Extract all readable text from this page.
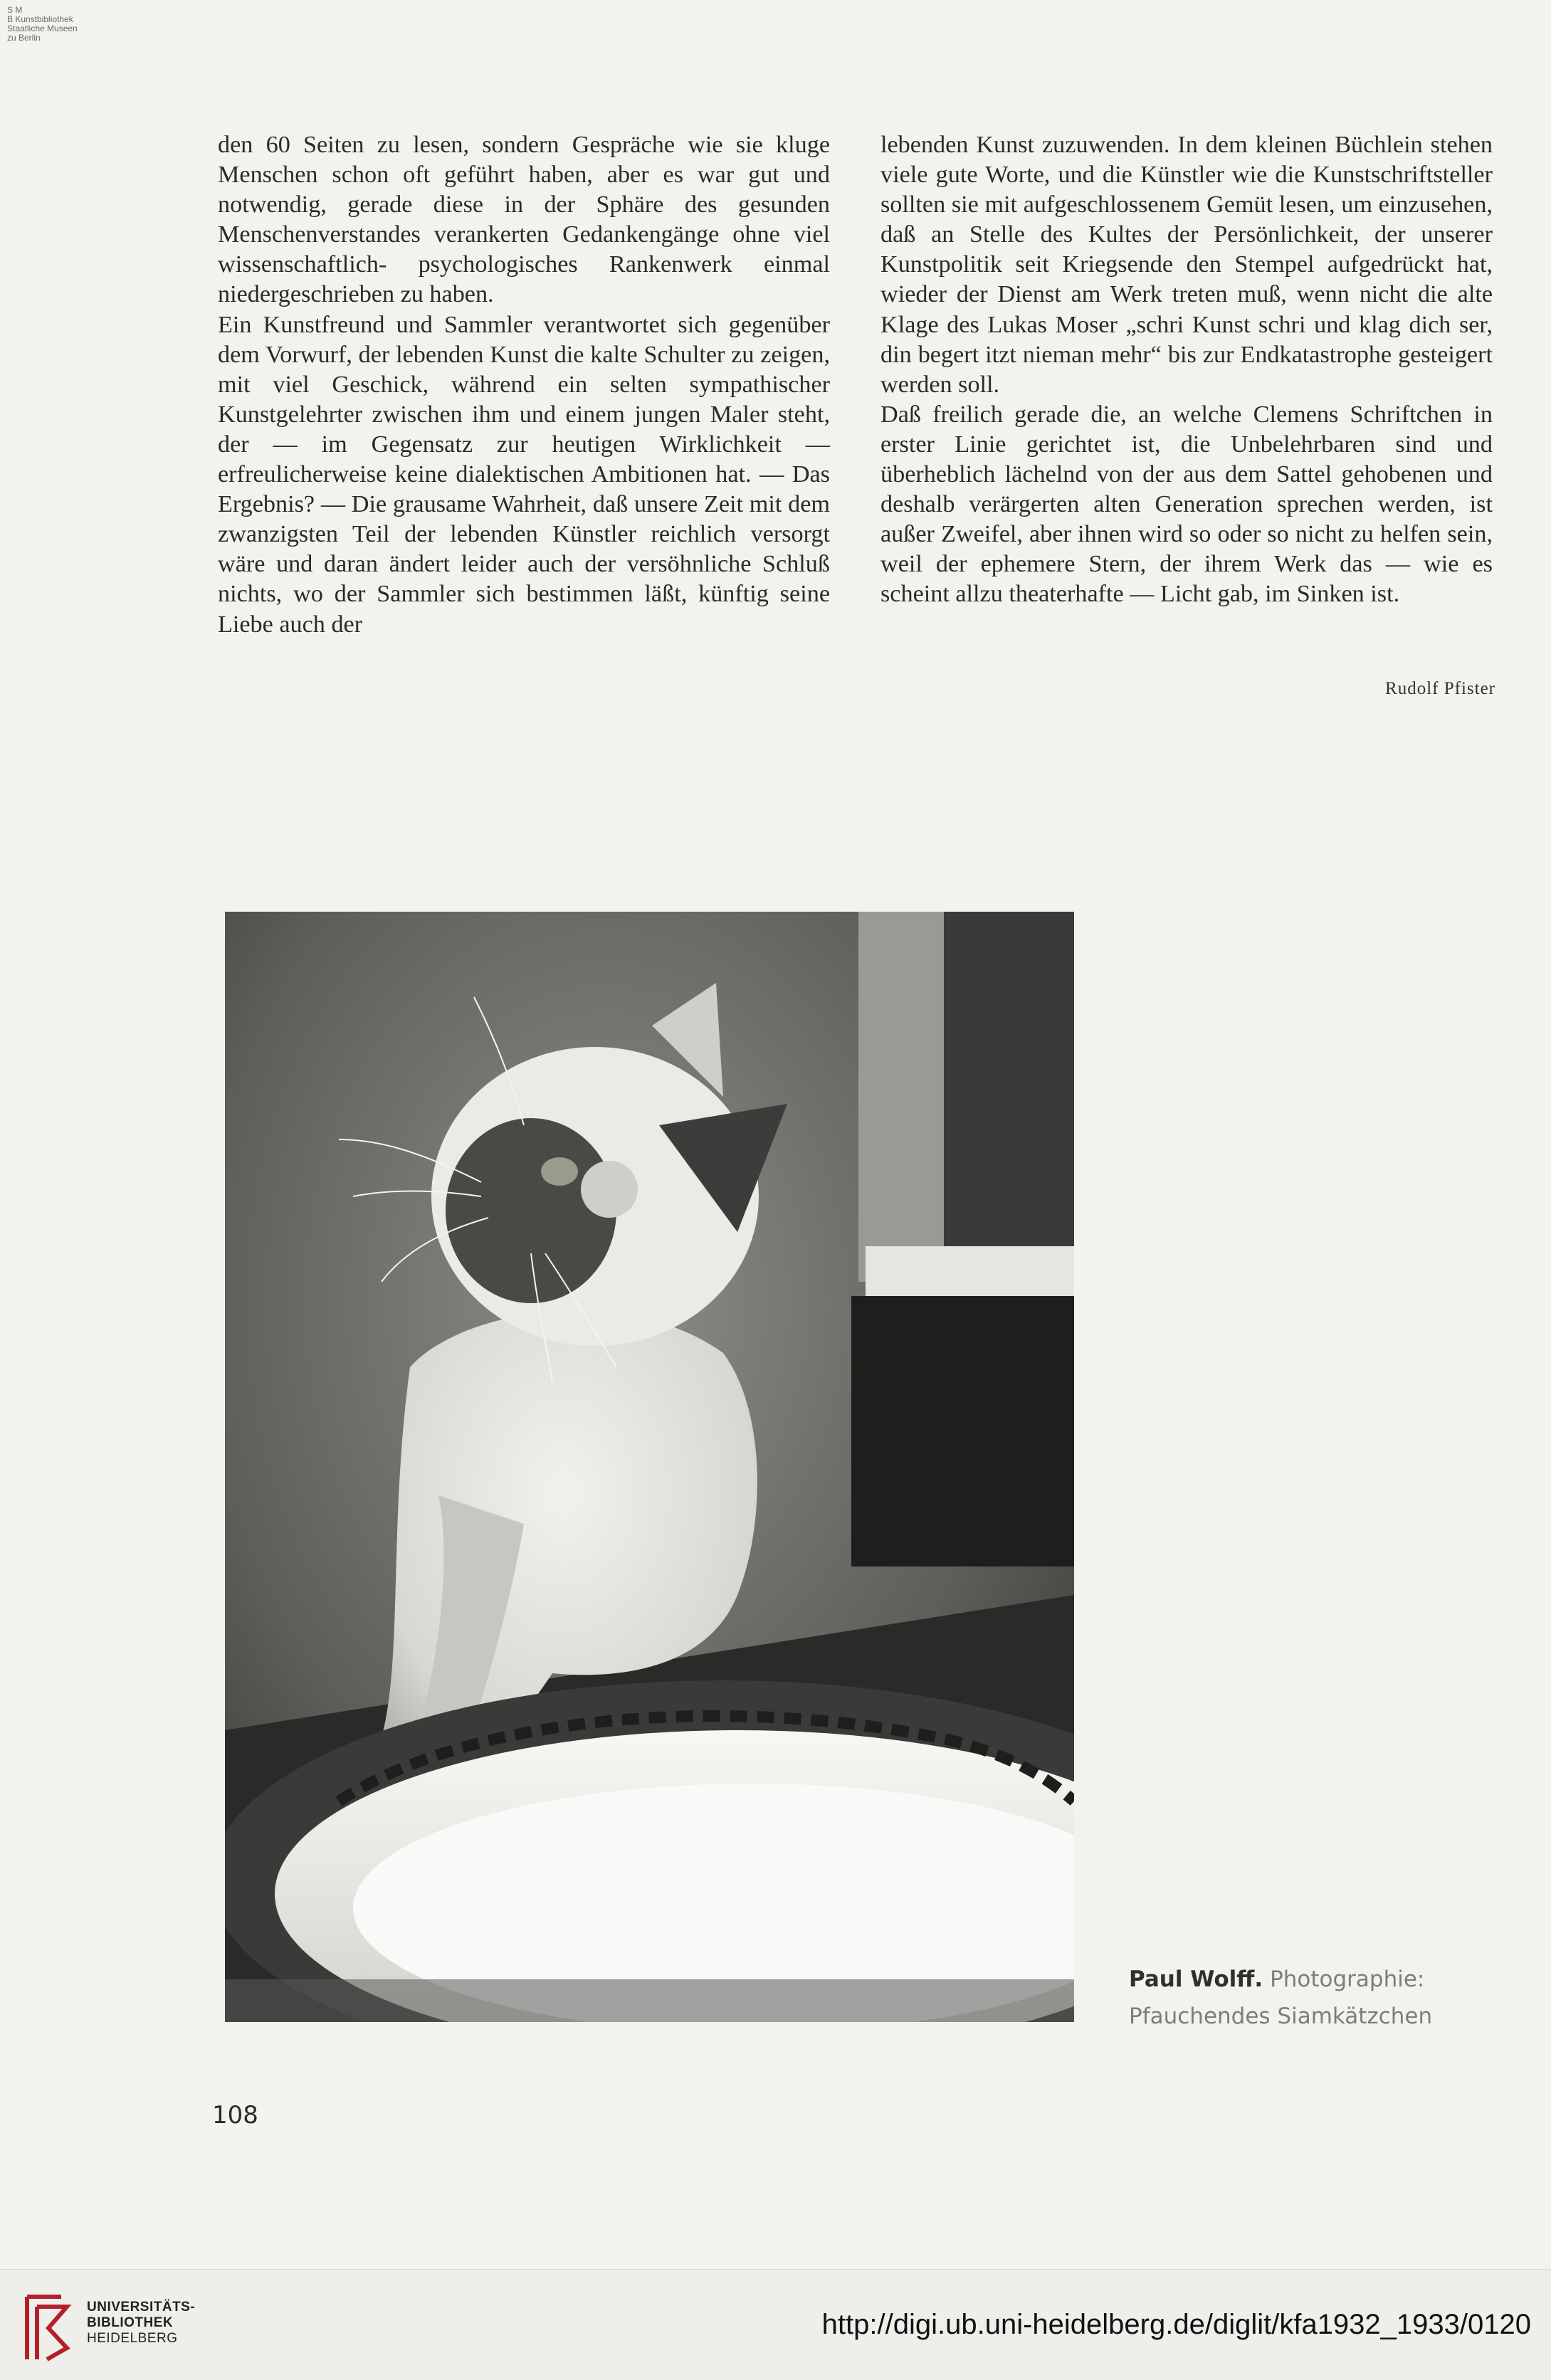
S M
B Kunstbibliothek
Staatliche Museen
zu Berlin

den 60 Seiten zu lesen, sondern Gespräche wie sie kluge Menschen schon oft geführt haben, aber es war gut und notwendig, gerade diese in der Sphäre des gesunden Menschenverstandes verankerten Gedankengänge ohne viel wissenschaftlich- psychologisches Rankenwerk einmal niedergeschrieben zu haben.

Ein Kunstfreund und Sammler verantwortet sich gegenüber dem Vorwurf, der lebenden Kunst die kalte Schulter zu zeigen, mit viel Geschick, während ein selten sympathischer Kunstgelehrter zwischen ihm und einem jungen Maler steht, der — im Gegensatz zur heutigen Wirklichkeit — erfreulicherweise keine dialektischen Ambitionen hat. — Das Ergebnis? — Die grausame Wahrheit, daß unsere Zeit mit dem zwanzigsten Teil der lebenden Künstler reichlich versorgt wäre und daran ändert leider auch der versöhnliche Schluß nichts, wo der Sammler sich bestimmen läßt, künftig seine Liebe auch der

lebenden Kunst zuzuwenden. In dem kleinen Büchlein stehen viele gute Worte, und die Künstler wie die Kunstschriftsteller sollten sie mit aufgeschlossenem Gemüt lesen, um einzusehen, daß an Stelle des Kultes der Persönlichkeit, der unserer Kunstpolitik seit Kriegsende den Stempel aufgedrückt hat, wieder der Dienst am Werk treten muß, wenn nicht die alte Klage des Lukas Moser „schri Kunst schri und klag dich ser, din begert itzt nieman mehr“ bis zur Endkatastrophe gesteigert werden soll.

Daß freilich gerade die, an welche Clemens Schriftchen in erster Linie gerichtet ist, die Unbelehrbaren sind und überheblich lächelnd von der aus dem Sattel gehobenen und deshalb verärgerten alten Generation sprechen werden, ist außer Zweifel, aber ihnen wird so oder so nicht zu helfen sein, weil der ephemere Stern, der ihrem Werk das — wie es scheint allzu theaterhafte — Licht gab, im Sinken ist.

Rudolf Pfister
Paul Wolff. Photographie:
Pfauchendes Siamkätzchen
108
UNIVERSITÄTS-
BIBLIOTHEK
HEIDELBERG	http://digi.ub.uni-heidelberg.de/diglit/kfa1932_1933/0120
